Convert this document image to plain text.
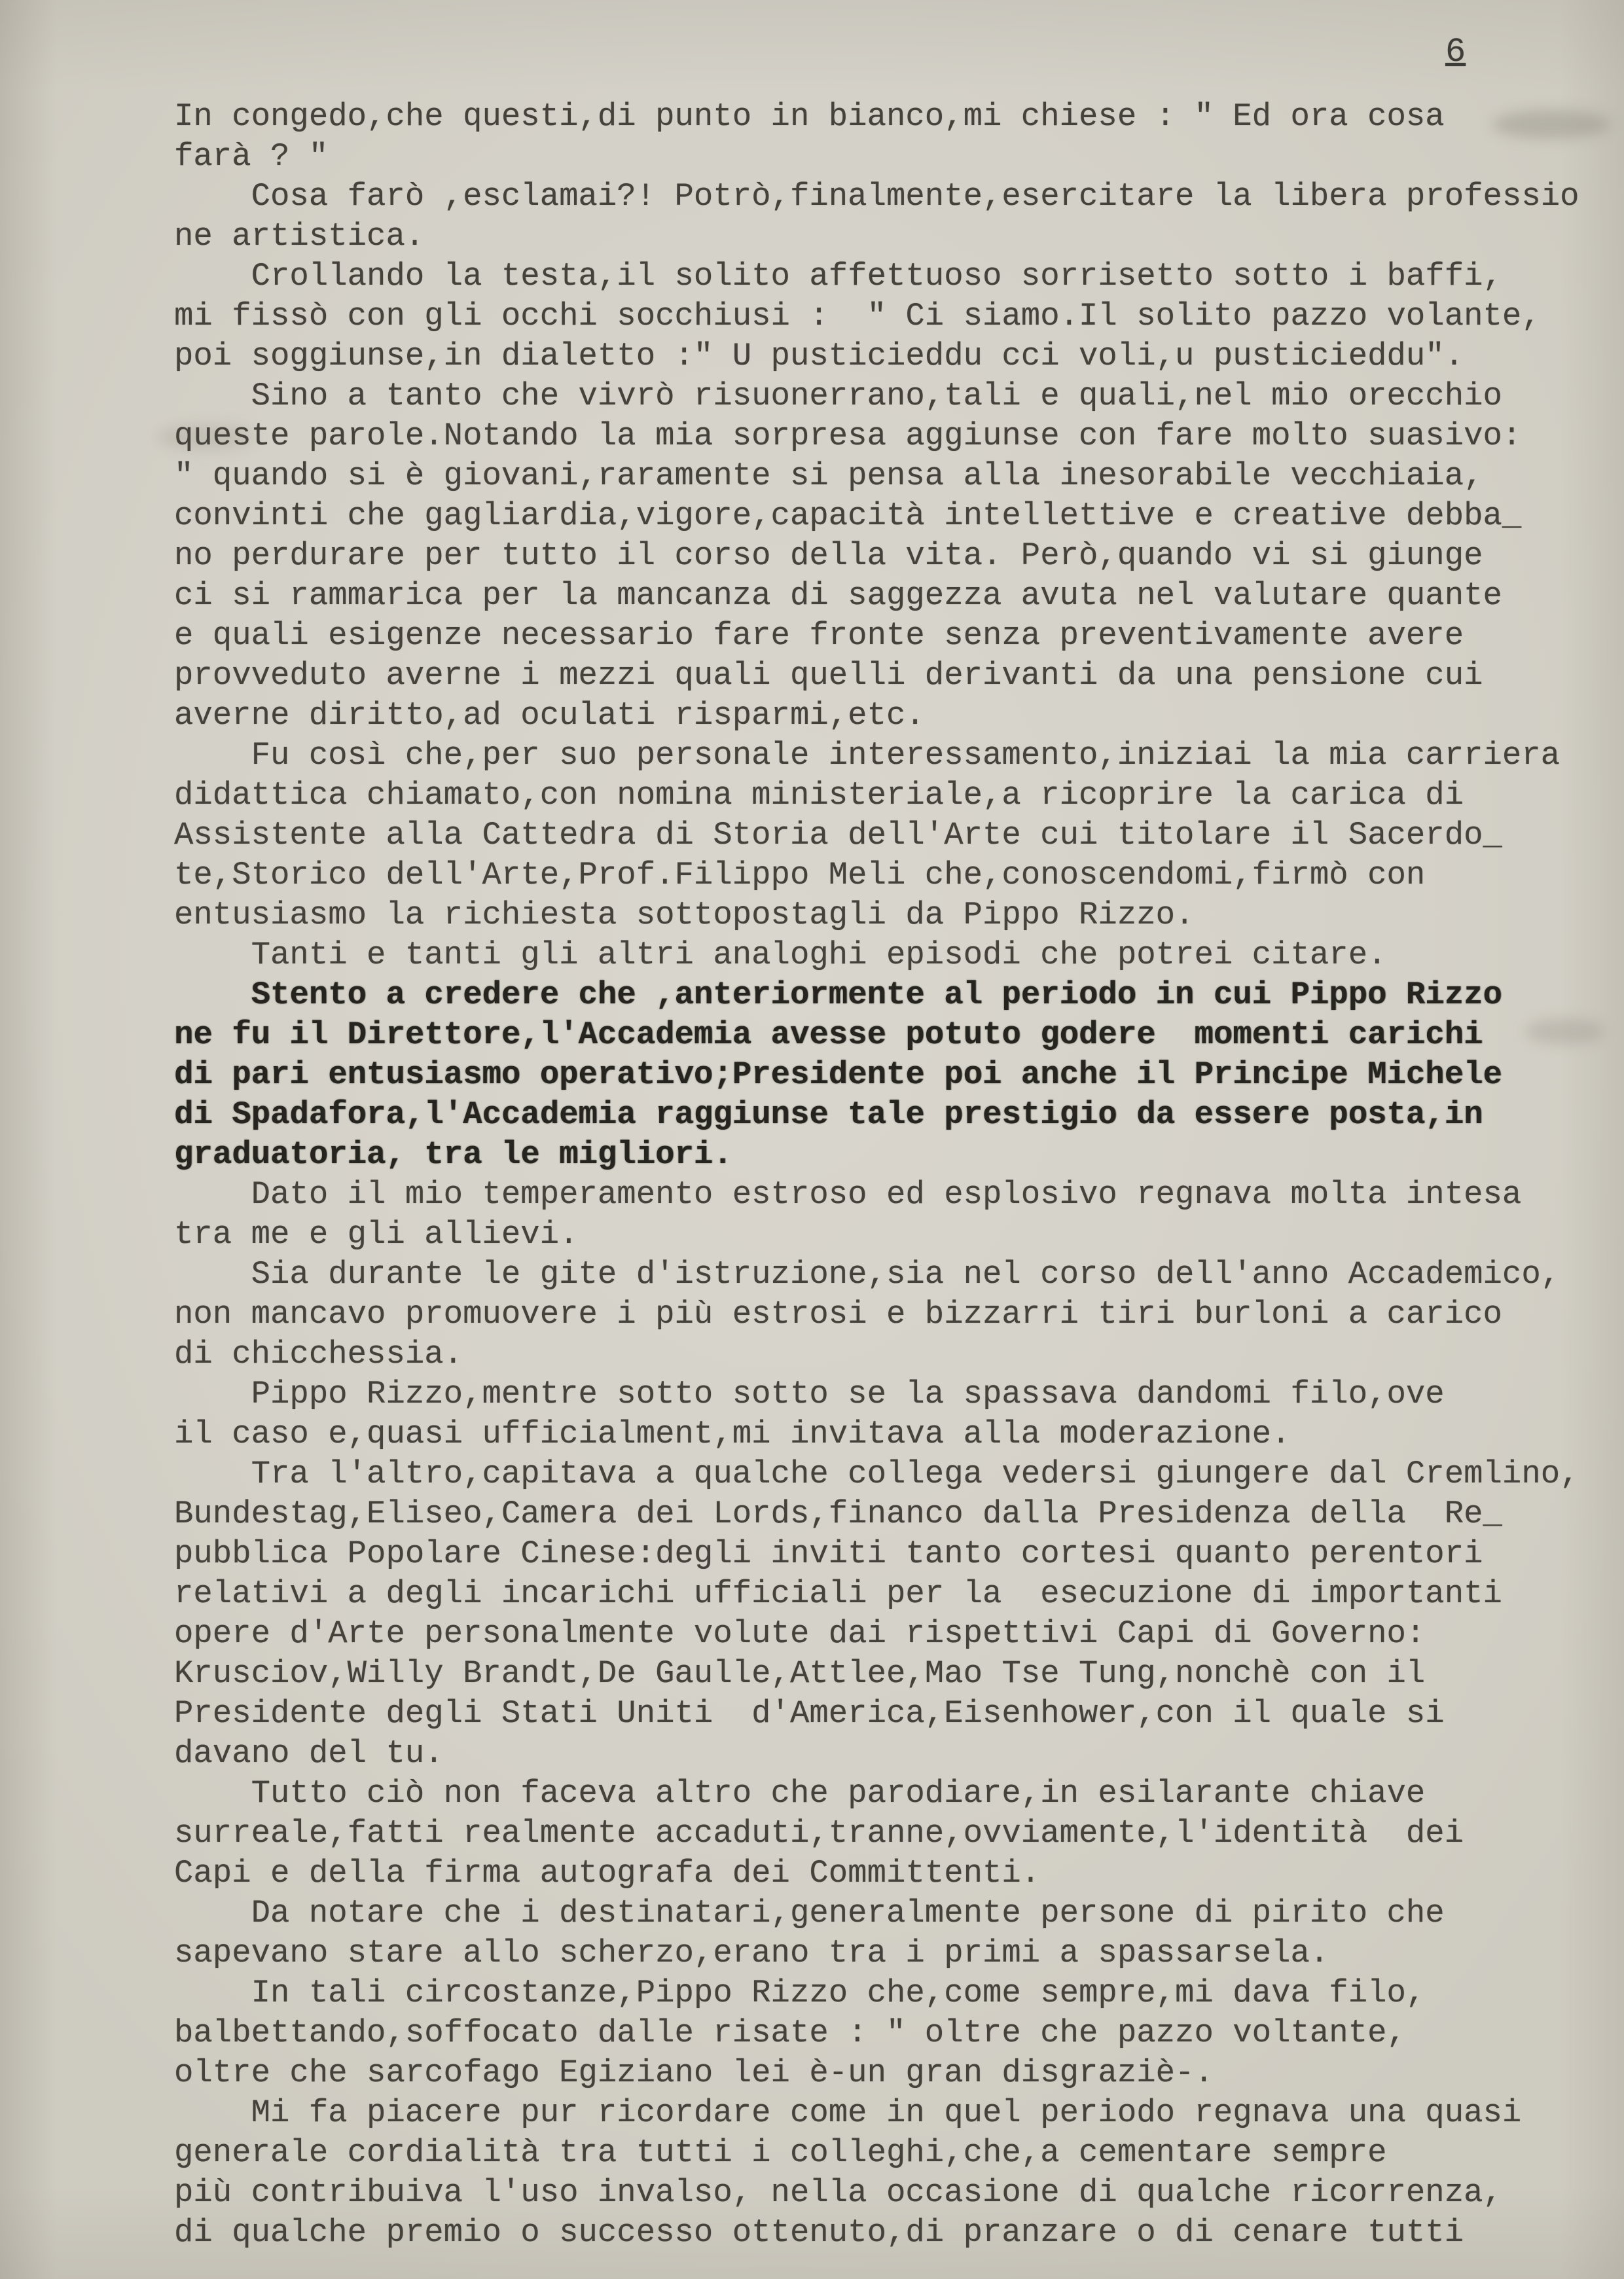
6
In congedo,che questi,di punto in bianco,mi chiese : " Ed ora cosa
farà ? "
Cosa farò ,esclamai?! Potrò,finalmente,esercitare la libera professio
ne artistica.
Crollando la testa,il solito affettuoso sorrisetto sotto i baffi,
mi fissò con gli occhi socchiusi :  " Ci siamo.Il solito pazzo volante,
poi soggiunse,in dialetto :" U pusticieddu cci voli,u pusticieddu".
Sino a tanto che vivrò risuonerrano,tali e quali,nel mio orecchio
queste parole.Notando la mia sorpresa aggiunse con fare molto suasivo:
" quando si è giovani,raramente si pensa alla inesorabile vecchiaia,
convinti che gagliardia,vigore,capacità intellettive e creative debba_
no perdurare per tutto il corso della vita. Però,quando vi si giunge
ci si rammarica per la mancanza di saggezza avuta nel valutare quante
e quali esigenze necessario fare fronte senza preventivamente avere
provveduto averne i mezzi quali quelli derivanti da una pensione cui
averne diritto,ad oculati risparmi,etc.
Fu così che,per suo personale interessamento,iniziai la mia carriera
didattica chiamato,con nomina ministeriale,a ricoprire la carica di
Assistente alla Cattedra di Storia dell'Arte cui titolare il Sacerdo_
te,Storico dell'Arte,Prof.Filippo Meli che,conoscendomi,firmò con
entusiasmo la richiesta sottopostagli da Pippo Rizzo.
Tanti e tanti gli altri analoghi episodi che potrei citare.
Stento a credere che ,anteriormente al periodo in cui Pippo Rizzo
ne fu il Direttore,l'Accademia avesse potuto godere  momenti carichi
di pari entusiasmo operativo;Presidente poi anche il Principe Michele
di Spadafora,l'Accademia raggiunse tale prestigio da essere posta,in
graduatoria, tra le migliori.
Dato il mio temperamento estroso ed esplosivo regnava molta intesa
tra me e gli allievi.
Sia durante le gite d'istruzione,sia nel corso dell'anno Accademico,
non mancavo promuovere i più estrosi e bizzarri tiri burloni a carico
di chicchessia.
Pippo Rizzo,mentre sotto sotto se la spassava dandomi filo,ove
il caso e,quasi ufficialment,mi invitava alla moderazione.
Tra l'altro,capitava a qualche collega vedersi giungere dal Cremlino,
Bundestag,Eliseo,Camera dei Lords,financo dalla Presidenza della  Re_
pubblica Popolare Cinese:degli inviti tanto cortesi quanto perentori
relativi a degli incarichi ufficiali per la  esecuzione di importanti
opere d'Arte personalmente volute dai rispettivi Capi di Governo:
Krusciov,Willy Brandt,De Gaulle,Attlee,Mao Tse Tung,nonchè con il
Presidente degli Stati Uniti  d'America,Eisenhower,con il quale si
davano del tu.
Tutto ciò non faceva altro che parodiare,in esilarante chiave
surreale,fatti realmente accaduti,tranne,ovviamente,l'identità  dei
Capi e della firma autografa dei Committenti.
Da notare che i destinatari,generalmente persone di pirito che
sapevano stare allo scherzo,erano tra i primi a spassarsela.
In tali circostanze,Pippo Rizzo che,come sempre,mi dava filo,
balbettando,soffocato dalle risate : " oltre che pazzo voltante,
oltre che sarcofago Egiziano lei è-un gran disgraziè-.
Mi fa piacere pur ricordare come in quel periodo regnava una quasi
generale cordialità tra tutti i colleghi,che,a cementare sempre
più contribuiva l'uso invalso, nella occasione di qualche ricorrenza,
di qualche premio o successo ottenuto,di pranzare o di cenare tutti
